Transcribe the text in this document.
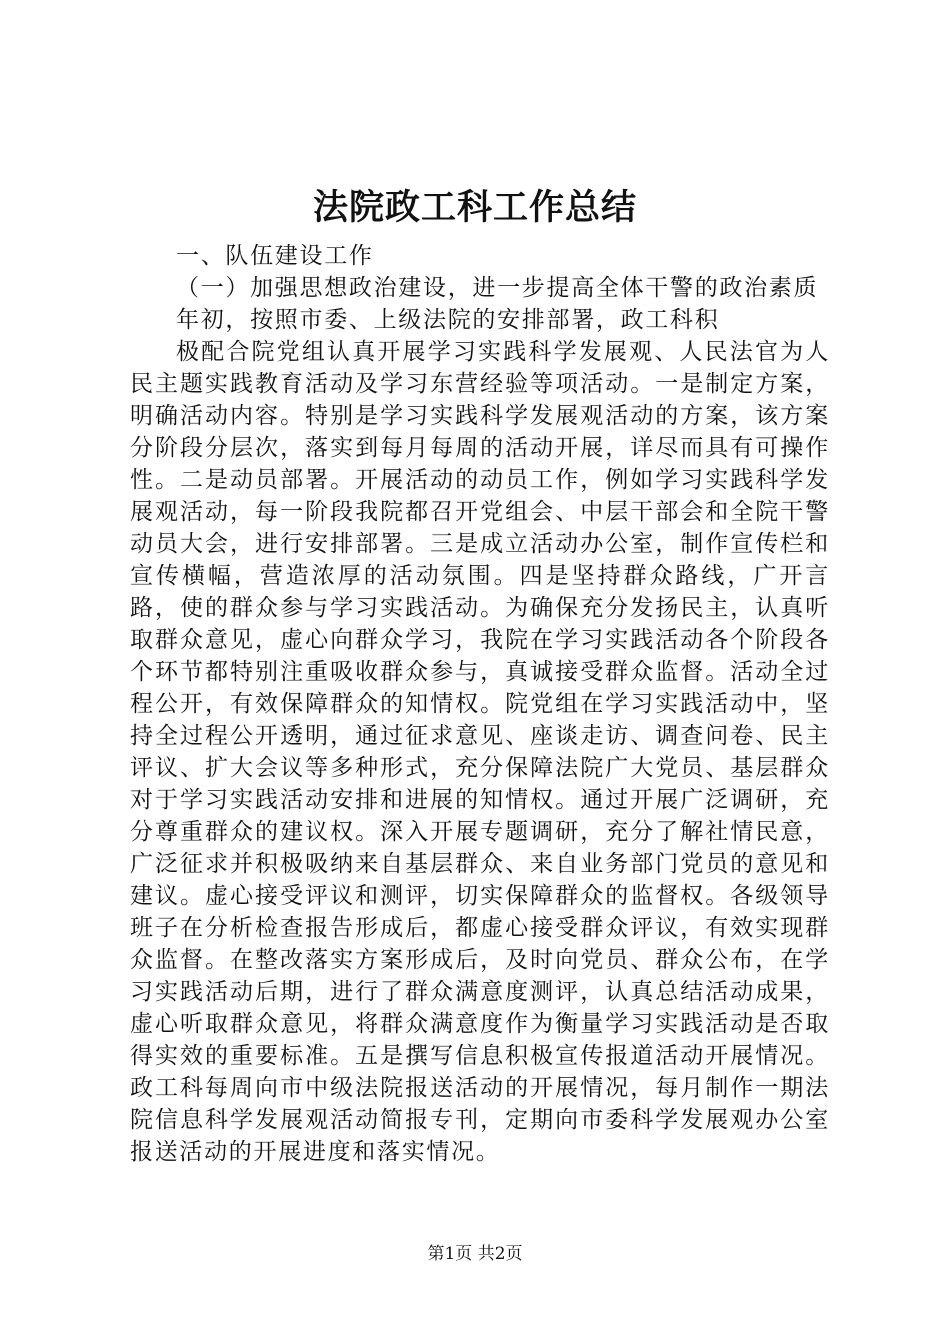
法院政工科工作总结

一、队伍建设工作

（一）加强思想政治建设，进一步提高全体干警的政治素质

年初，按照市委、上级法院的安排部署，政工科积

极配合院党组认真开展学习实践科学发展观、人民法官为人民主题实践教育活动及学习东营经验等项活动。一是制定方案，明确活动内容。特别是学习实践科学发展观活动的方案，该方案分阶段分层次，落实到每月每周的活动开展，详尽而具有可操作性。二是动员部署。开展活动的动员工作，例如学习实践科学发展观活动，每一阶段我院都召开党组会、中层干部会和全院干警动员大会，进行安排部署。三是成立活动办公室，制作宣传栏和宣传横幅，营造浓厚的活动氛围。四是坚持群众路线，广开言路，使的群众参与学习实践活动。为确保充分发扬民主，认真听取群众意见，虚心向群众学习，我院在学习实践活动各个阶段各个环节都特别注重吸收群众参与，真诚接受群众监督。活动全过程公开，有效保障群众的知情权。院党组在学习实践活动中，坚持全过程公开透明，通过征求意见、座谈走访、调查问卷、民主评议、扩大会议等多种形式，充分保障法院广大党员、基层群众对于学习实践活动安排和进展的知情权。通过开展广泛调研，充分尊重群众的建议权。深入开展专题调研，充分了解社情民意，广泛征求并积极吸纳来自基层群众、来自业务部门党员的意见和建议。虚心接受评议和测评，切实保障群众的监督权。各级领导班子在分析检查报告形成后，都虚心接受群众评议，有效实现群众监督。在整改落实方案形成后，及时向党员、群众公布，在学习实践活动后期，进行了群众满意度测评，认真总结活动成果，虚心听取群众意见，将群众满意度作为衡量学习实践活动是否取得实效的重要标准。五是撰写信息积极宣传报道活动开展情况。政工科每周向市中级法院报送活动的开展情况，每月制作一期法院信息科学发展观活动简报专刊，定期向市委科学发展观办公室报送活动的开展进度和落实情况。

第1页 共2页
